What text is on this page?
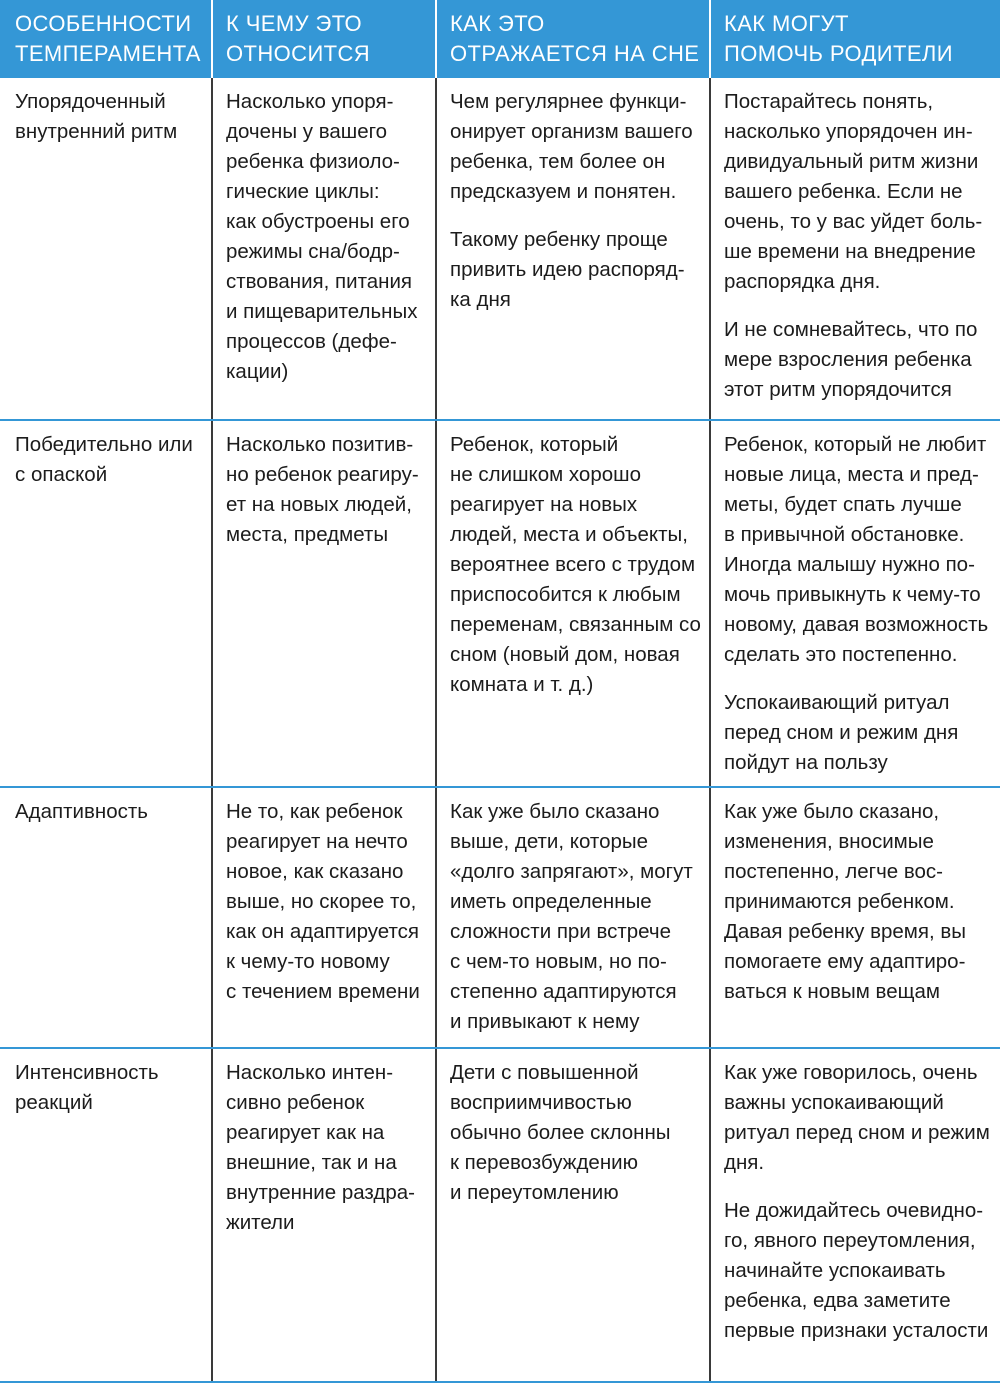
ОСОБЕННОСТИ
ТЕМПЕРАМЕНТА
К ЧЕМУ ЭТО
ОТНОСИТСЯ
КАК ЭТО
ОТРАЖАЕТСЯ НА СНЕ
КАК МОГУТ
ПОМОЧЬ РОДИТЕЛИ

Упорядоченный
внутренний ритм

Насколько упоря-
дочены у вашего
ребенка физиоло-
гические циклы:
как обустроены его
режимы сна/бодр-
ствования, питания
и пищеварительных
процессов (дефе-
кации)

Чем регулярнее функци-
онирует организм вашего
ребенка, тем более он
предсказуем и понятен.

Такому ребенку проще
привить идею распоряд-
ка дня

Постарайтесь понять,
насколько упорядочен ин-
дивидуальный ритм жизни
вашего ребенка. Если не
очень, то у вас уйдет боль-
ше времени на внедрение
распорядка дня.

И не сомневайтесь, что по
мере взросления ребенка
этот ритм упорядочится

Победительно или
с опаской

Насколько позитив-
но ребенок реагиру-
ет на новых людей,
места, предметы

Ребенок, который
не слишком хорошо
реагирует на новых
людей, места и объекты,
вероятнее всего с трудом
приспособится к любым
переменам, связанным со
сном (новый дом, новая
комната и т. д.)

Ребенок, который не любит
новые лица, места и пред-
меты, будет спать лучше
в привычной обстановке.
Иногда малышу нужно по-
мочь привыкнуть к чему-то
новому, давая возможность
сделать это постепенно.

Успокаивающий ритуал
перед сном и режим дня
пойдут на пользу

Адаптивность	Не то, как ребенок
реагирует на нечто
новое, как сказано
выше, но скорее то,
как он адаптируется
к чему-то новому
с течением времени

Как уже было сказано
выше, дети, которые
«долго запрягают», могут
иметь определенные
сложности при встрече
с чем-то новым, но по-
степенно адаптируются
и привыкают к нему

Как уже было сказано,
изменения, вносимые
постепенно, легче вос-
принимаются ребенком.
Давая ребенку время, вы
помогаете ему адаптиро-
ваться к новым вещам

Интенсивность
реакций

Насколько интен-
сивно ребенок
реагирует как на
внешние, так и на
внутренние раздра-
жители

Дети с повышенной
восприимчивостью
обычно более склонны
к перевозбуждению
и переутомлению

Как уже говорилось, очень
важны успокаивающий
ритуал перед сном и режим
дня.

Не дожидайтесь очевидно-
го, явного переутомления,
начинайте успокаивать
ребенка, едва заметите
первые признаки усталости
